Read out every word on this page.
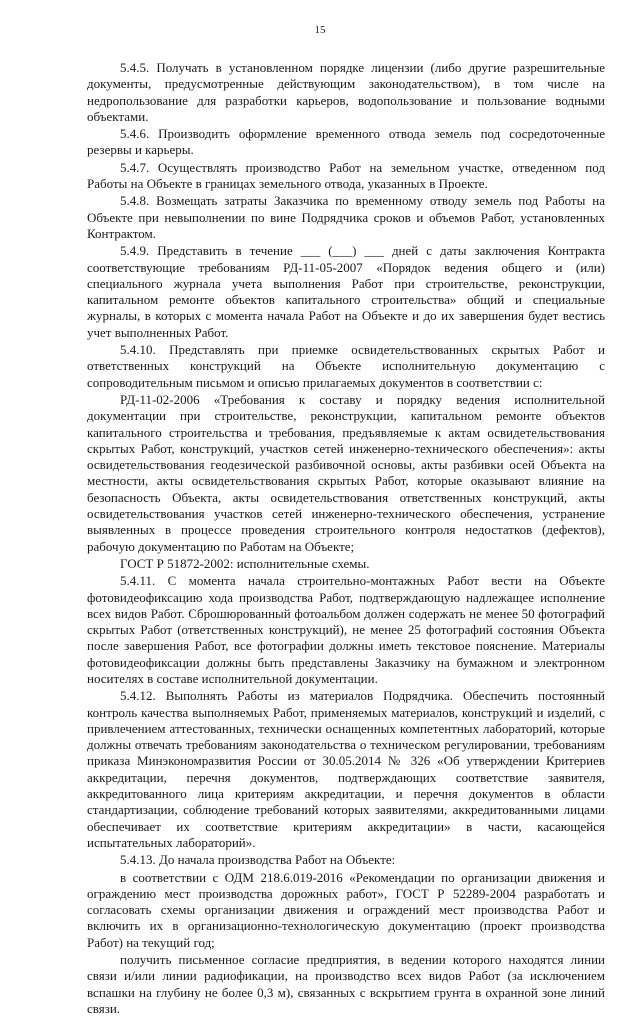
15

5.4.5. Получать в установленном порядке лицензии (либо другие разрешительные документы, предусмотренные действующим законодательством), в том числе на недропользование для разработки карьеров, водопользование и пользование водными объектами.

5.4.6. Производить оформление временного отвода земель под сосредоточенные резервы и карьеры.

5.4.7. Осуществлять производство Работ на земельном участке, отведенном под Работы на Объекте в границах земельного отвода, указанных в Проекте.

5.4.8. Возмещать затраты Заказчика по временному отводу земель под Работы на Объекте при невыполнении по вине Подрядчика сроков и объемов Работ, установленных Контрактом.

5.4.9. Представить в течение ___ (___) ___ дней с даты заключения Контракта соответствующие требованиям РД-11-05-2007 «Порядок ведения общего и (или) специального журнала учета выполнения Работ при строительстве, реконструкции, капитальном ремонте объектов капитального строительства» общий и специальные журналы, в которых с момента начала Работ на Объекте и до их завершения будет вестись учет выполненных Работ.

5.4.10. Представлять при приемке освидетельствованных скрытых Работ и ответственных конструкций на Объекте исполнительную документацию с сопроводительным письмом и описью прилагаемых документов в соответствии с:

РД-11-02-2006 «Требования к составу и порядку ведения исполнительной документации при строительстве, реконструкции, капитальном ремонте объектов капитального строительства и требования, предъявляемые к актам освидетельствования скрытых Работ, конструкций, участков сетей инженерно-технического обеспечения»: акты освидетельствования геодезической разбивочной основы, акты разбивки осей Объекта на местности, акты освидетельствования скрытых Работ, которые оказывают влияние на безопасность Объекта, акты освидетельствования ответственных конструкций, акты освидетельствования участков сетей инженерно-технического обеспечения, устранение выявленных в процессе проведения строительного контроля недостатков (дефектов), рабочую документацию по Работам на Объекте;

ГОСТ Р 51872-2002: исполнительные схемы.

5.4.11. С момента начала строительно-монтажных Работ вести на Объекте фотовидеофиксацию хода производства Работ, подтверждающую надлежащее исполнение всех видов Работ. Сброшюрованный фотоальбом должен содержать не менее 50 фотографий скрытых Работ (ответственных конструкций), не менее 25 фотографий состояния Объекта после завершения Работ, все фотографии должны иметь текстовое пояснение. Материалы фотовидеофиксации должны быть представлены Заказчику на бумажном и электронном носителях в составе исполнительной документации.

5.4.12. Выполнять Работы из материалов Подрядчика. Обеспечить постоянный контроль качества выполняемых Работ, применяемых материалов, конструкций и изделий, с привлечением аттестованных, технически оснащенных компетентных лабораторий, которые должны отвечать требованиям законодательства о техническом регулировании, требованиям приказа Минэкономразвития России от 30.05.2014 № 326 «Об утверждении Критериев аккредитации, перечня документов, подтверждающих соответствие заявителя, аккредитованного лица критериям аккредитации, и перечня документов в области стандартизации, соблюдение требований которых заявителями, аккредитованными лицами обеспечивает их соответствие критериям аккредитации» в части, касающейся испытательных лабораторий».

5.4.13. До начала производства Работ на Объекте:

в соответствии с ОДМ 218.6.019-2016 «Рекомендации по организации движения и ограждению мест производства дорожных работ», ГОСТ Р 52289-2004 разработать и согласовать схемы организации движения и ограждений мест производства Работ и включить их в организационно-технологическую документацию (проект производства Работ) на текущий год;

получить письменное согласие предприятия, в ведении которого находятся линии связи и/или линии радиофикации, на производство всех видов Работ (за исключением вспашки на глубину не более 0,3 м), связанных с вскрытием грунта в охранной зоне линий связи.
